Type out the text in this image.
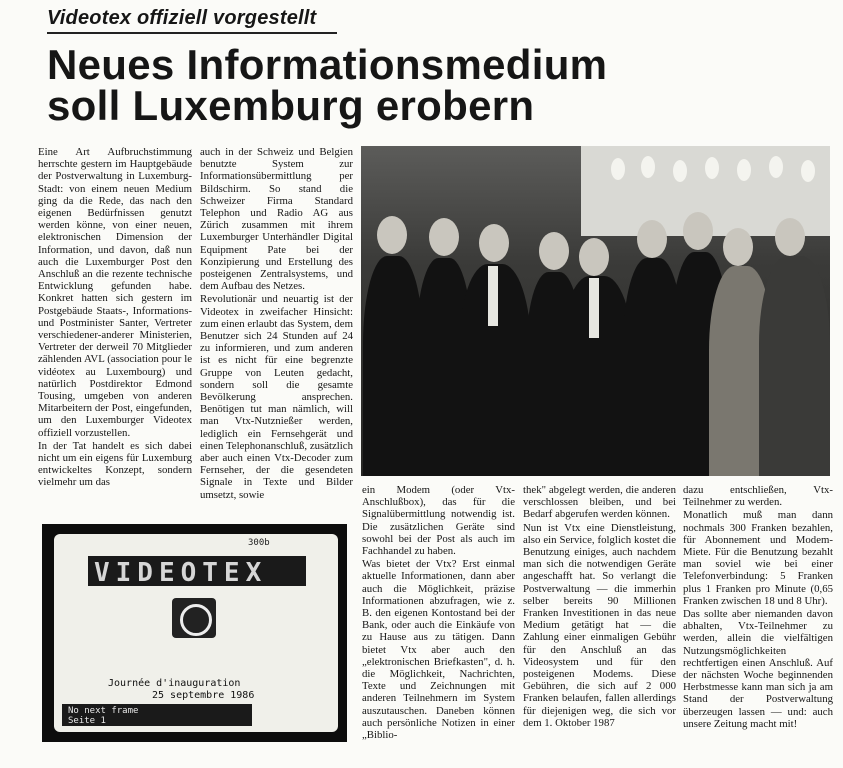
Videotex offiziell vorgestellt
Neues Informationsmedium
soll Luxemburg erobern

Eine Art Aufbruchstimmung herrschte gestern im Hauptgebäude der Postverwaltung in Luxemburg-Stadt: von einem neuen Medium ging da die Rede, das nach den eigenen Bedürfnissen genutzt werden könne, von einer neuen, elektronischen Dimension der Information, und davon, daß nun auch die Luxemburger Post den Anschluß an die rezente technische Entwicklung gefunden habe. Konkret hatten sich gestern im Postgebäude Staats-, Informations- und Postminister Santer, Vertreter verschiedener-anderer Ministerien, Vertreter der derweil 70 Mitglieder zählenden AVL (association pour le vidéotex au Luxembourg) und natürlich Postdirektor Edmond Tousing, umgeben von anderen Mitarbeitern der Post, eingefunden, um den Luxemburger Videotex offiziell vorzustellen.

In der Tat handelt es sich dabei nicht um ein eigens für Luxemburg entwickeltes Konzept, sondern vielmehr um das

auch in der Schweiz und Belgien benutzte System zur Informationsübermittlung per Bildschirm. So stand die Schweizer Firma Standard Telephon und Radio AG aus Zürich zusammen mit ihrem Luxemburger Unterhändler Digital Equipment Pate bei der Konzipierung und Erstellung des posteigenen Zentralsystems, und dem Aufbau des Netzes.

Revolutionär und neuartig ist der Videotex in zweifacher Hinsicht: zum einen erlaubt das System, dem Benutzer sich 24 Stunden auf 24 zu informieren, und zum anderen ist es nicht für eine begrenzte Gruppe von Leuten gedacht, sondern soll die gesamte Bevölkerung ansprechen. Benötigen tut man nämlich, will man Vtx-Nutznießer werden, lediglich ein Fernsehgerät und einen Telephonanschluß, zusätzlich aber auch einen Vtx-Decoder zum Fernseher, der die gesendeten Signale in Texte und Bilder umsetzt, sowie	ein Modem (oder Vtx-Anschlußbox), das für die Signalübermittlung notwendig ist. Die zusätzlichen Geräte sind sowohl bei der Post als auch im Fachhandel zu haben.

Was bietet der Vtx? Erst einmal aktuelle Informationen, dann aber auch die Möglichkeit, präzise Informationen abzufragen, wie z. B. den eigenen Kontostand bei der Bank, oder auch die Einkäufe von zu Hause aus zu tätigen. Dann bietet Vtx aber auch den „elektronischen Briefkasten", d. h. die Möglichkeit, Nachrichten, Texte und Zeichnungen mit anderen Teilnehmern im System auszutauschen. Daneben können auch persönliche Notizen in einer „Biblio-

thek" abgelegt werden, die anderen verschlossen bleiben, und bei Bedarf abgerufen werden können.

Nun ist Vtx eine Dienstleistung, also ein Service, folglich kostet die Benutzung einiges, auch nachdem man sich die notwendigen Geräte angeschafft hat. So verlangt die Postverwaltung — die immerhin selber bereits 90 Millionen Franken Investitionen in das neue Medium getätigt hat — die Zahlung einer einmaligen Gebühr für den Anschluß an das Videosystem und für den posteigenen Modems. Diese Gebühren, die sich auf 2 000 Franken belaufen, fallen allerdings für diejenigen weg, die sich vor dem 1. Oktober 1987

dazu entschließen, Vtx-Teilnehmer zu werden.

Monatlich muß man dann nochmals 300 Franken bezahlen, für Abonnement und Modem-Miete. Für die Benutzung bezahlt man soviel wie bei einer Telefonverbindung: 5 Franken plus 1 Franken pro Minute (0,65 Franken zwischen 18 und 8 Uhr).

Das sollte aber niemanden davon abhalten, Vtx-Teilnehmer zu werden, allein die vielfältigen Nutzungsmöglichkeiten rechtfertigen einen Anschluß. Auf der nächsten Woche beginnenden Herbstmesse kann man sich ja am Stand der Postverwaltung überzeugen lassen — und: auch unsere Zeitung macht mit!

300b
VIDEOTEX
Journée d'inauguration
25 septembre 1986
No next frame
Seite 1
